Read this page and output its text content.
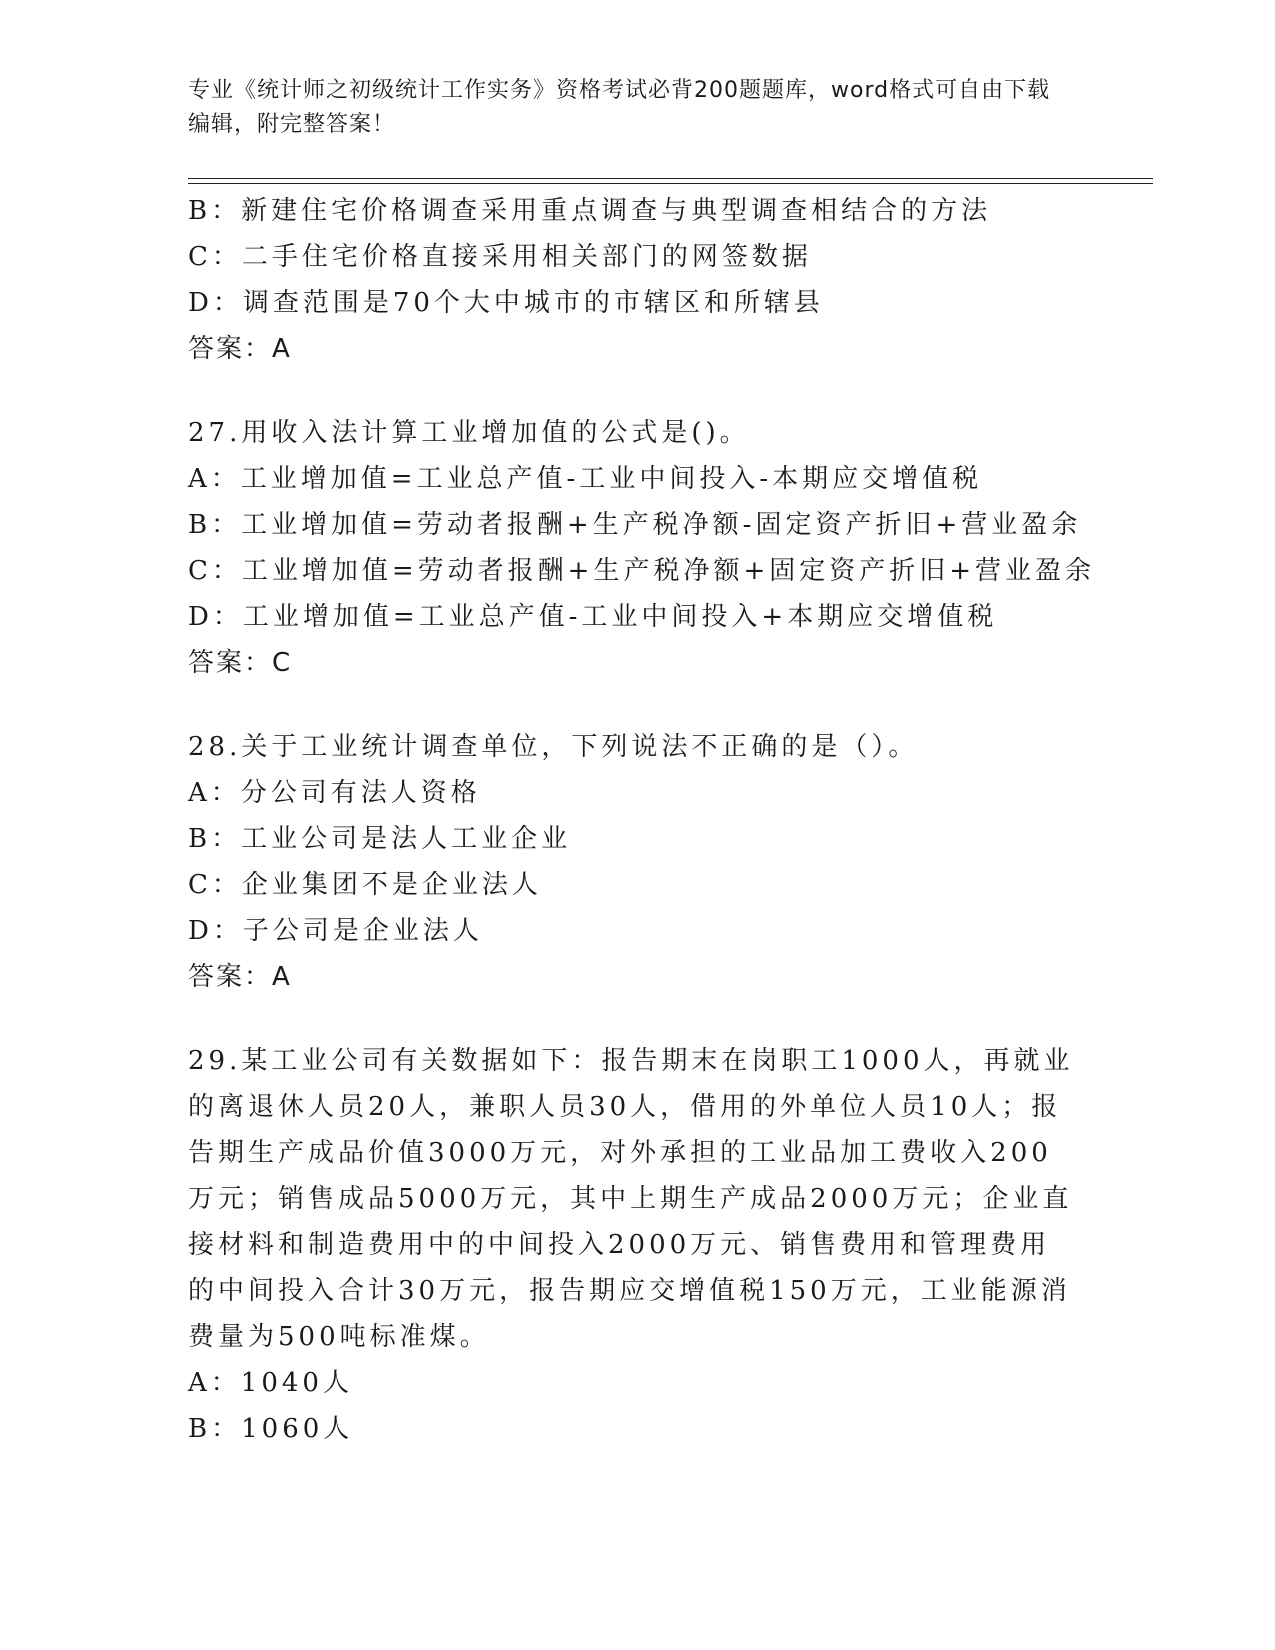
专业《统计师之初级统计工作实务》资格考试必背200题题库，word格式可自由下载编辑，附完整答案！
B：新建住宅价格调查采用重点调查与典型调查相结合的方法
C：二手住宅价格直接采用相关部门的网签数据
D：调查范围是70个大中城市的市辖区和所辖县
答案：A
27.用收入法计算工业增加值的公式是()。
A：工业增加值=工业总产值-工业中间投入-本期应交增值税
B：工业增加值=劳动者报酬+生产税净额-固定资产折旧+营业盈余
C：工业增加值=劳动者报酬+生产税净额+固定资产折旧+营业盈余
D：工业增加值=工业总产值-工业中间投入+本期应交增值税
答案：C
28.关于工业统计调查单位，下列说法不正确的是（）。
A：分公司有法人资格
B：工业公司是法人工业企业
C：企业集团不是企业法人
D：子公司是企业法人
答案：A
29.某工业公司有关数据如下：报告期末在岗职工1000人，再就业的离退休人员20人，兼职人员30人，借用的外单位人员10人；报告期生产成品价值3000万元，对外承担的工业品加工费收入200万元；销售成品5000万元，其中上期生产成品2000万元；企业直接材料和制造费用中的中间投入2000万元、销售费用和管理费用的中间投入合计30万元，报告期应交增值税150万元，工业能源消费量为500吨标准煤。
A：1040人
B：1060人
